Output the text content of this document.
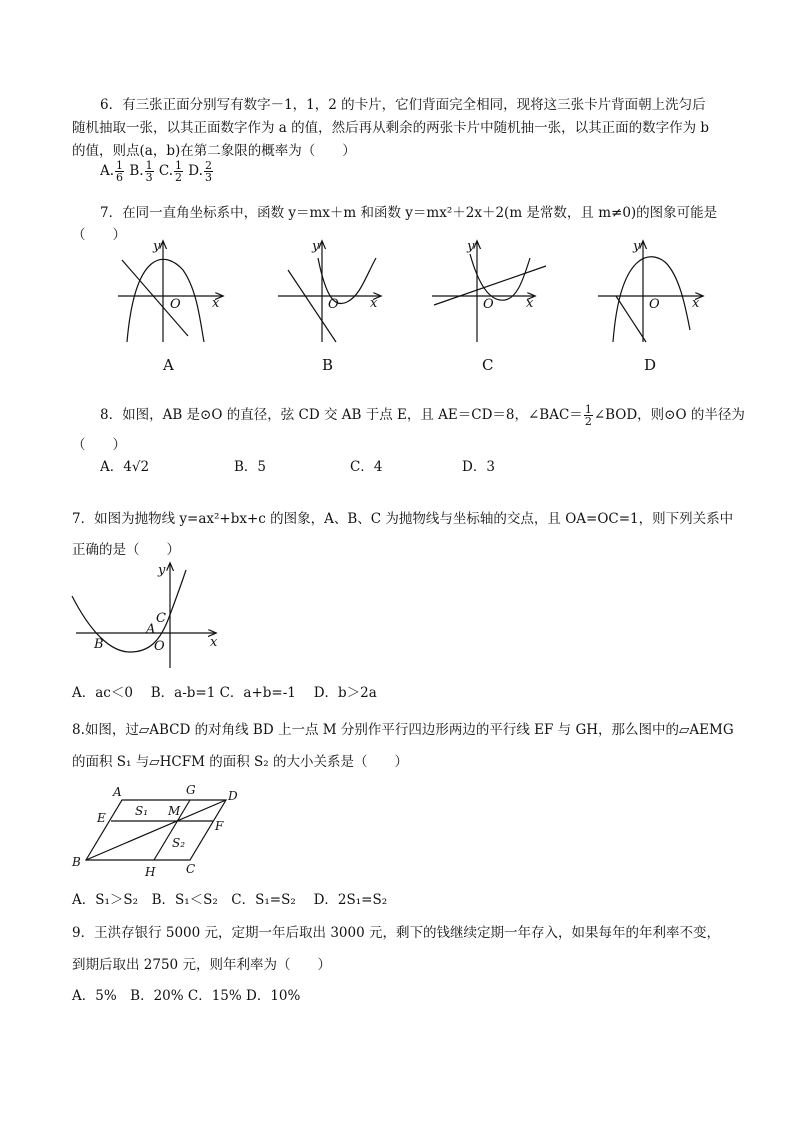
6．有三张正面分别写有数字－1，1，2 的卡片，它们背面完全相同，现将这三张卡片背面朝上洗匀后
随机抽取一张，以其正面数字作为 a 的值，然后再从剩余的两张卡片中随机抽一张，以其正面的数字作为 b
的值，则点(a，b)在第二象限的概率为（　　）
A. $\frac{1}{6} B$. $\frac{1}{3} C$. $\frac{1}{2} D$. $\frac{2}{3}$
7．在同一直角坐标系中，函数 y＝mx＋m 和函数 y＝mx²＋2x＋2(m 是常数，且 m≠0)的图象可能是
（　　）
y
x
O
A
y
x
O
B
y
x
O
C
y
x
O
D
8．如图，AB 是⊙O 的直径，弦 CD 交 AB 于点 E，且 AE＝CD＝8，∠BAC＝ $\frac{1}{2}$ ∠BOD，则⊙O 的半径为
（　　）
A．4√2	B．5	C．4	D．3
7．如图为抛物线 y=ax²+bx+c 的图象，A、B、C 为抛物线与坐标轴的交点，且 OA=OC=1，则下列关系中
正确的是（　　）
y
x
C
A
B	O
A．ac＜0　 B．a-b=1 C．a+b=-1　 D．b＞2a
8.如图，过▱ABCD 的对角线 BD 上一点 M 分别作平行四边形两边的平行线 EF 与 GH，那么图中的▱AEMG
的面积 S₁ 与▱HCFM 的面积 S₂ 的大小关系是（　　）
A	G	D
E
F
M
S₁
S₂
B
H	C
A．S₁＞S₂　B．S₁＜S₂　C．S₁=S₂　 D．2S₁=S₂
9．王洪存银行 5000 元，定期一年后取出 3000 元，剩下的钱继续定期一年存入，如果每年的年利率不变，
到期后取出 2750 元，则年利率为（　　）
A．5%　B．20% C．15% D．10%
